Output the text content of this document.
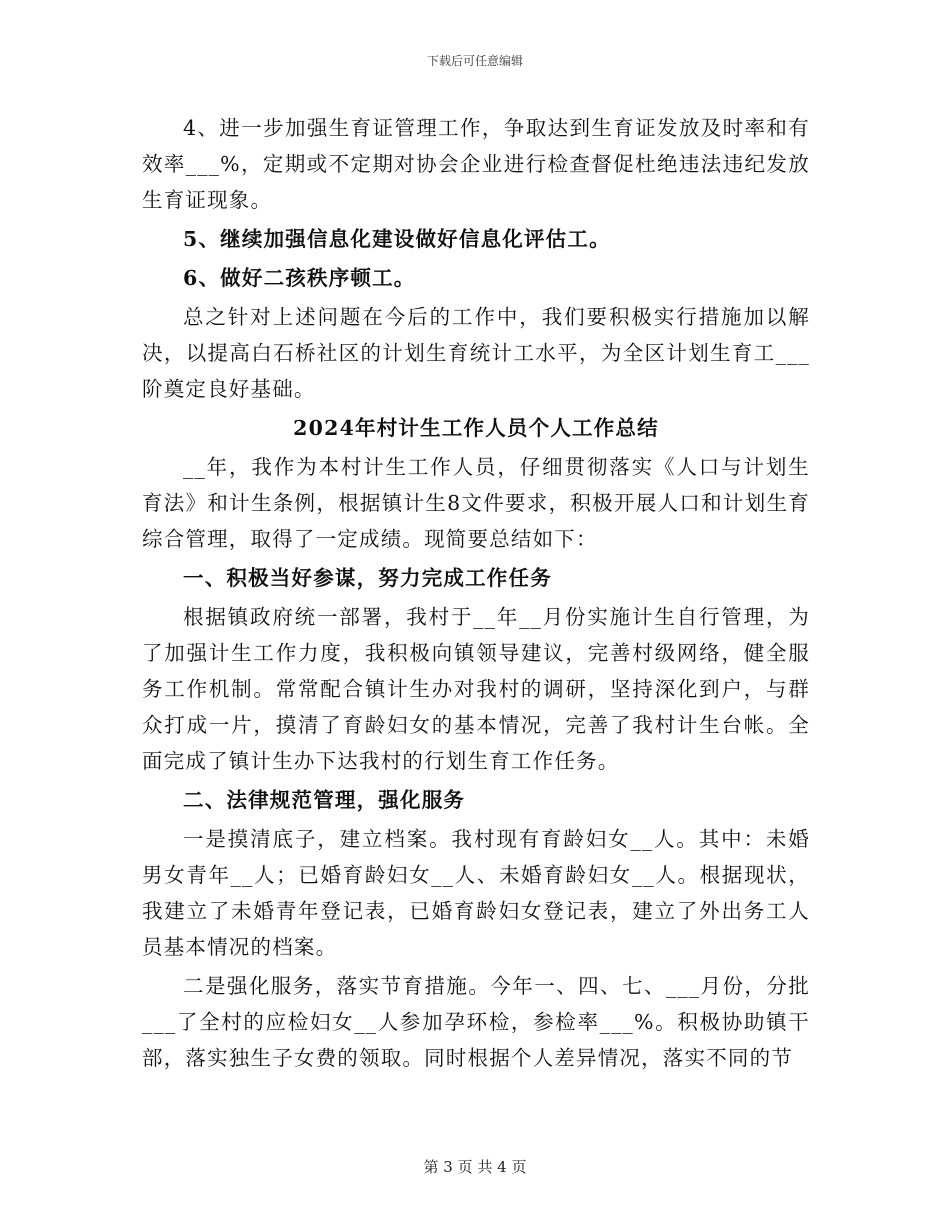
下载后可任意编辑

4、进一步加强生育证管理工作，争取达到生育证发放及时率和有效率___%，定期或不定期对协会企业进行检查督促杜绝违法违纪发放生育证现象。

5、继续加强信息化建设做好信息化评估工。

6、做好二孩秩序顿工。

总之针对上述问题在今后的工作中，我们要积极实行措施加以解决，以提高白石桥社区的计划生育统计工水平，为全区计划生育工___阶奠定良好基础。

2024年村计生工作人员个人工作总结

__年，我作为本村计生工作人员，仔细贯彻落实《人口与计划生育法》和计生条例，根据镇计生8文件要求，积极开展人口和计划生育综合管理，取得了一定成绩。现简要总结如下：

一、积极当好参谋，努力完成工作任务

根据镇政府统一部署，我村于__年__月份实施计生自行管理，为了加强计生工作力度，我积极向镇领导建议，完善村级网络，健全服务工作机制。常常配合镇计生办对我村的调研，坚持深化到户，与群众打成一片，摸清了育龄妇女的基本情况，完善了我村计生台帐。全面完成了镇计生办下达我村的行划生育工作任务。

二、法律规范管理，强化服务

一是摸清底子，建立档案。我村现有育龄妇女__人。其中：未婚男女青年__人；已婚育龄妇女__人、未婚育龄妇女__人。根据现状，我建立了未婚青年登记表，已婚育龄妇女登记表，建立了外出务工人员基本情况的档案。

二是强化服务，落实节育措施。今年一、四、七、___月份，分批___了全村的应检妇女__人参加孕环检，参检率___%。积极协助镇干部，落实独生子女费的领取。同时根据个人差异情况，落实不同的节

第 3 页 共 4 页
